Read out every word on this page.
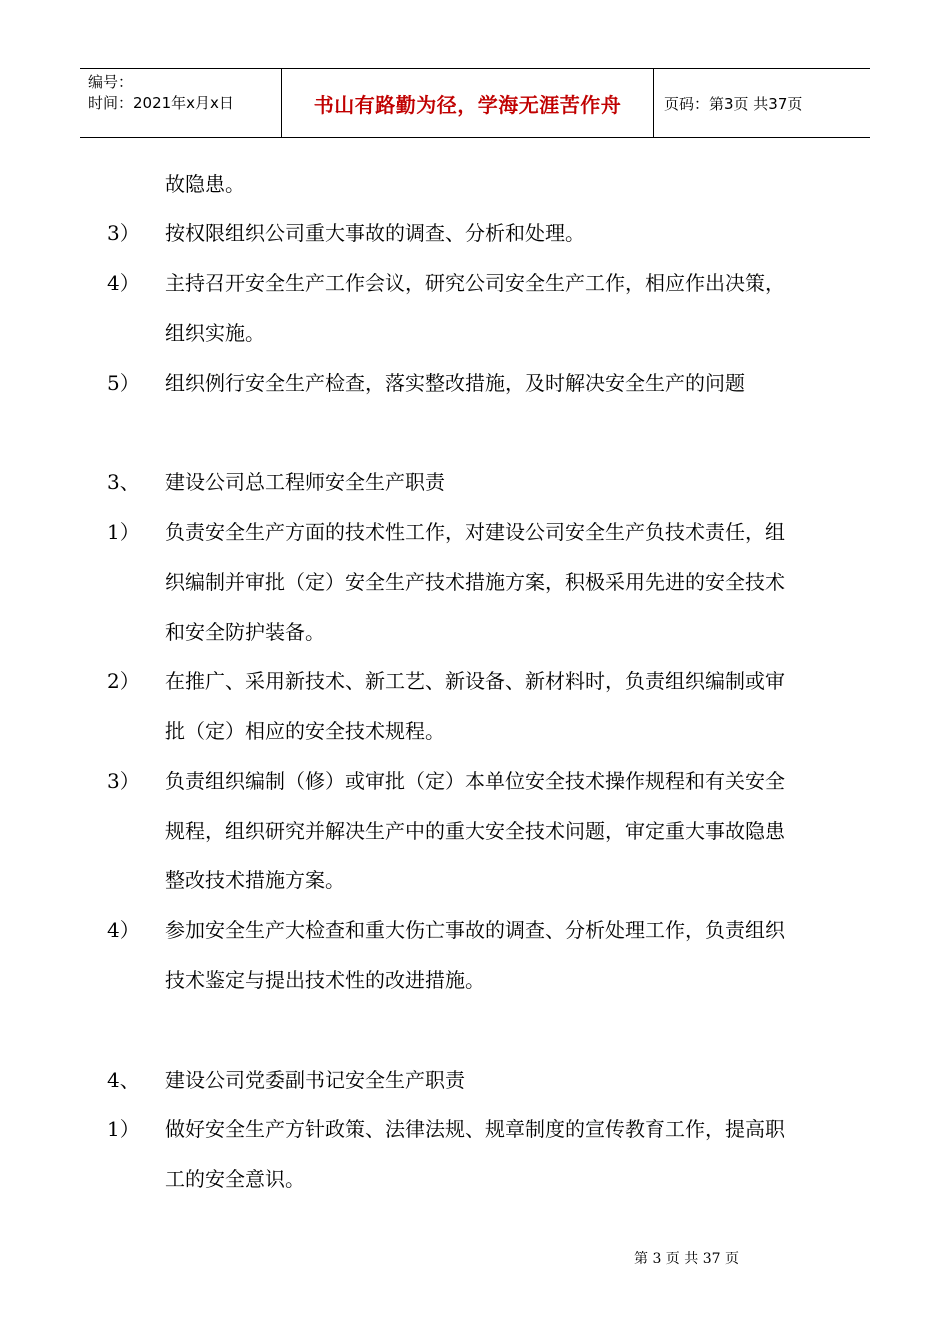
编号：
时间：2021年x月x日	书山有路勤为径，学海无涯苦作舟	页码：第3页 共37页
故隐患。
3） 按权限组织公司重大事故的调查、分析和处理。
4） 主持召开安全生产工作会议，研究公司安全生产工作，相应作出决策，
组织实施。
5） 组织例行安全生产检查，落实整改措施，及时解决安全生产的问题
3、 建设公司总工程师安全生产职责
1） 负责安全生产方面的技术性工作，对建设公司安全生产负技术责任，组
织编制并审批（定）安全生产技术措施方案，积极采用先进的安全技术
和安全防护装备。
2） 在推广、采用新技术、新工艺、新设备、新材料时，负责组织编制或审
批（定）相应的安全技术规程。
3） 负责组织编制（修）或审批（定）本单位安全技术操作规程和有关安全
规程，组织研究并解决生产中的重大安全技术问题，审定重大事故隐患
整改技术措施方案。
4） 参加安全生产大检查和重大伤亡事故的调查、分析处理工作，负责组织
技术鉴定与提出技术性的改进措施。
4、 建设公司党委副书记安全生产职责
1） 做好安全生产方针政策、法律法规、规章制度的宣传教育工作，提高职
工的安全意识。
第 3 页 共 37 页
